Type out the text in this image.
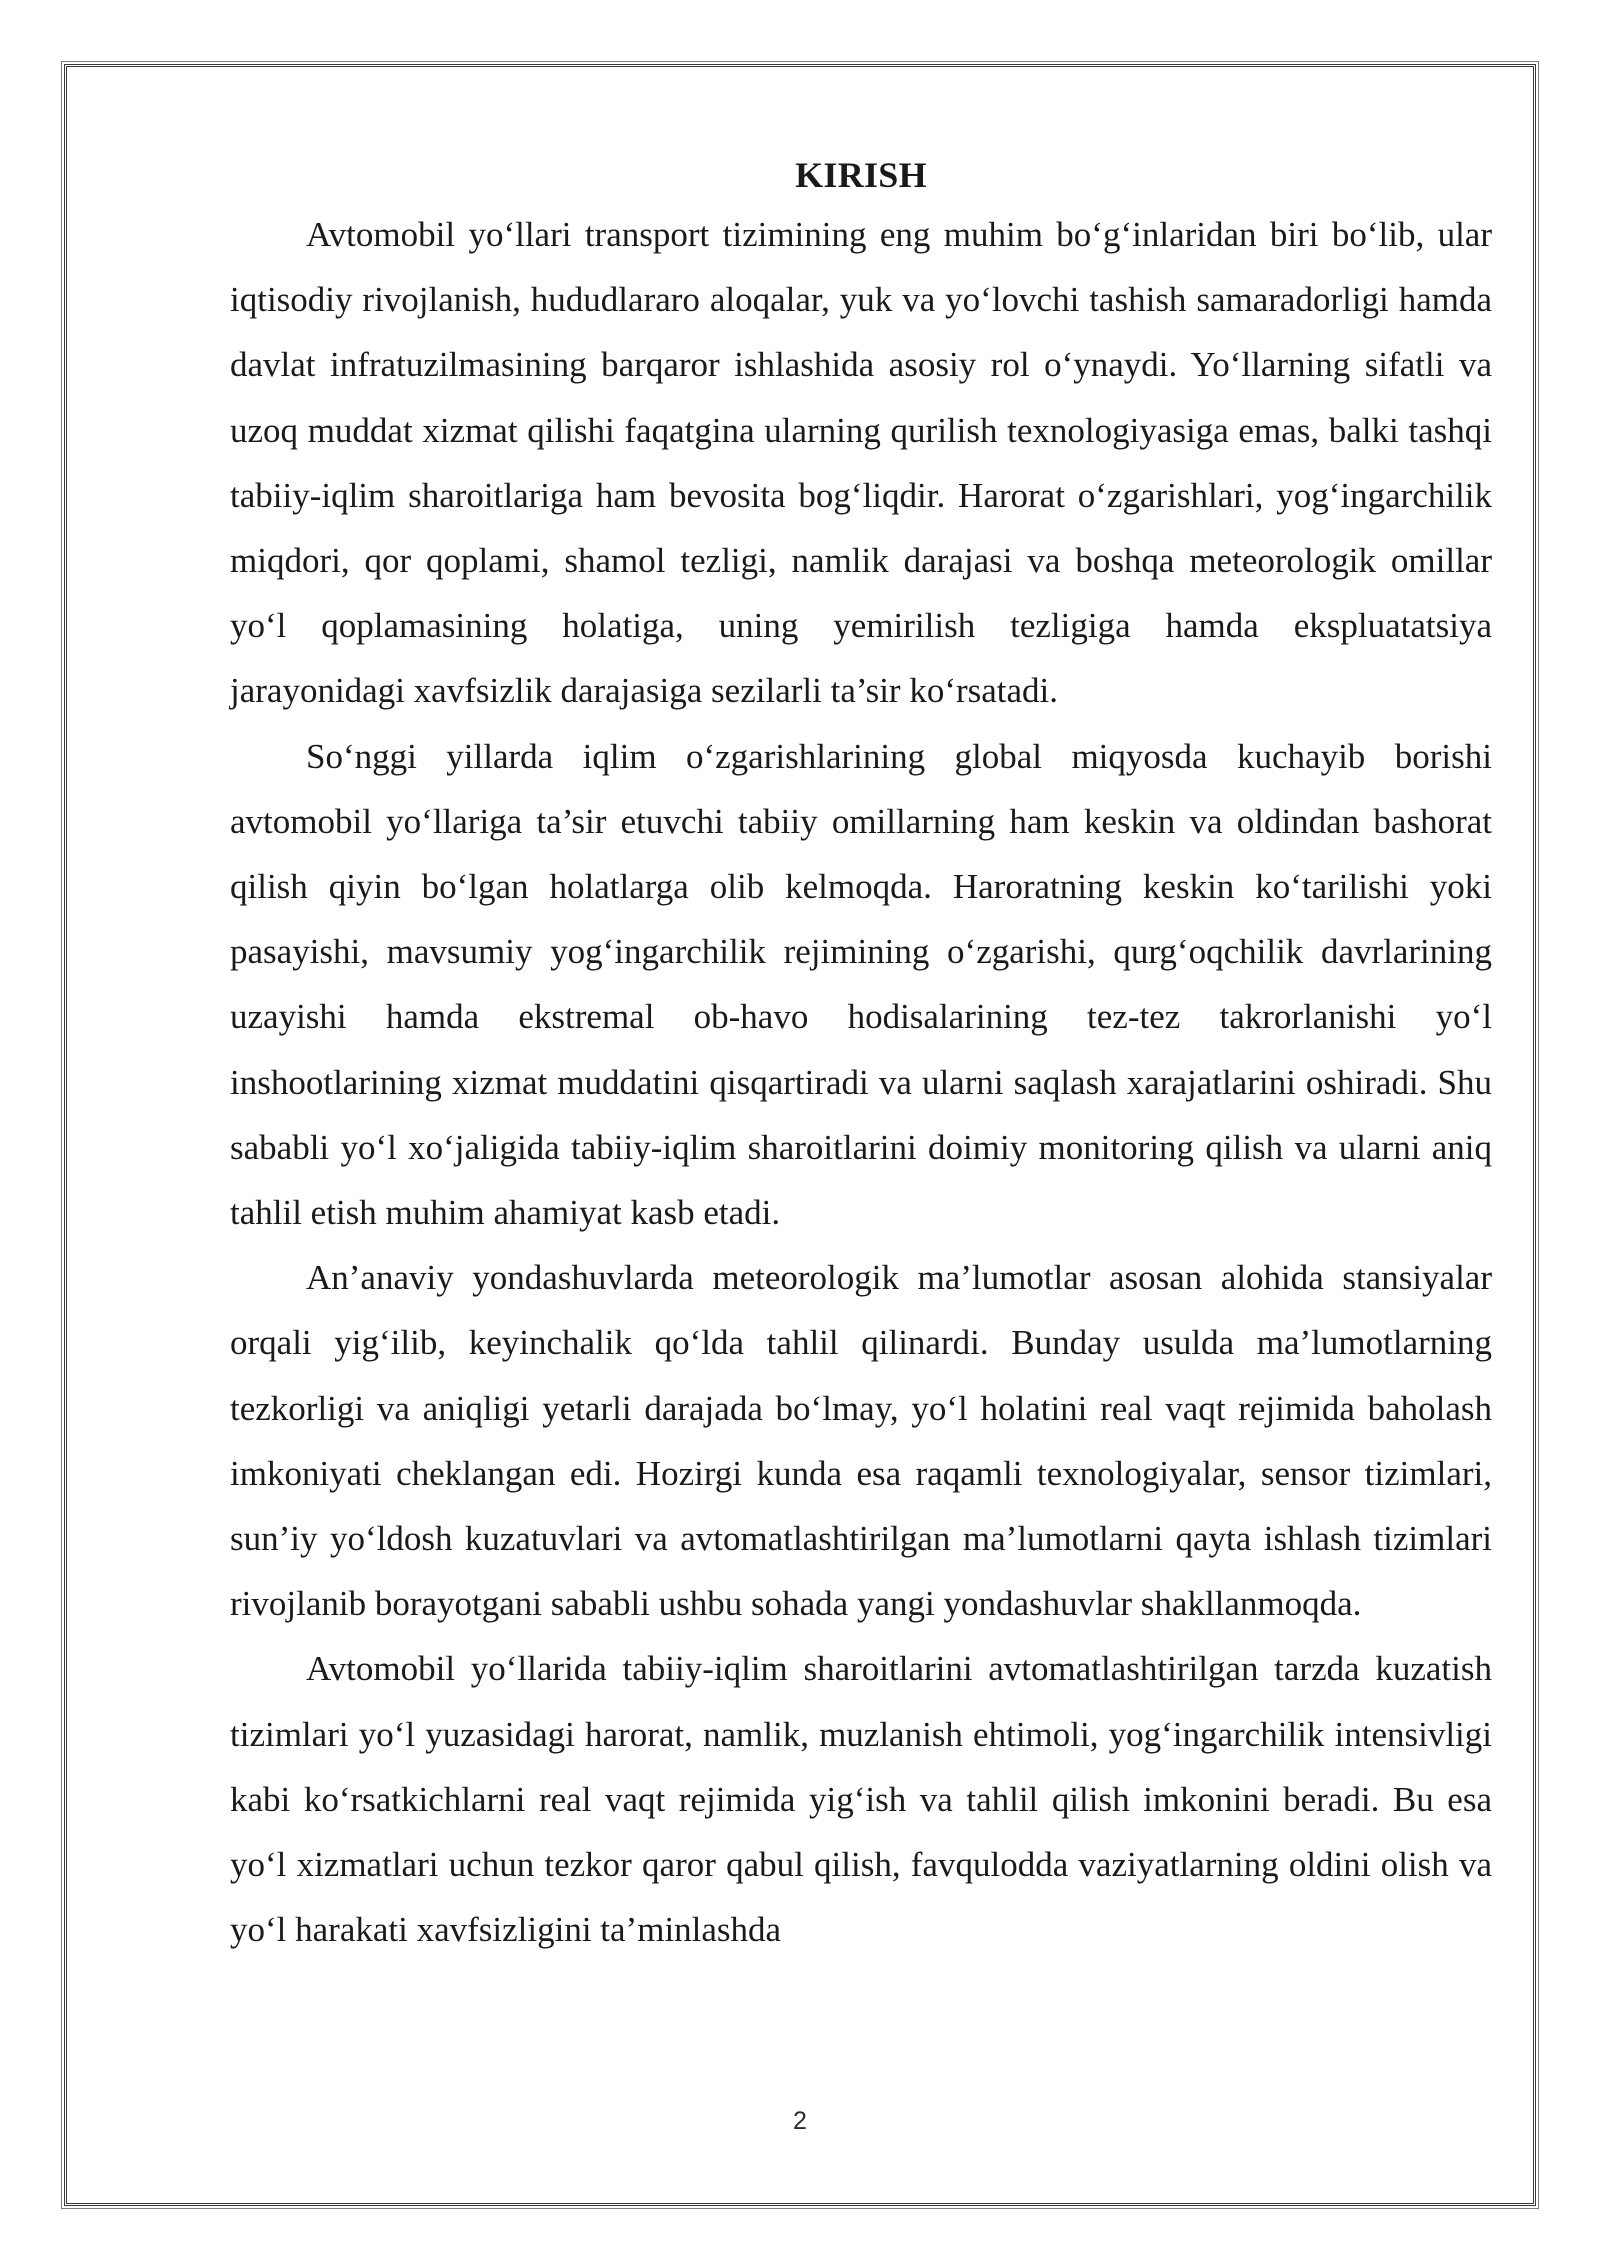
KIRISH

Avtomobil yo‘llari transport tizimining eng muhim bo‘g‘inlaridan biri bo‘lib, ular iqtisodiy rivojlanish, hududlararo aloqalar, yuk va yo‘lovchi tashish samaradorligi hamda davlat infratuzilmasining barqaror ishlashida asosiy rol o‘ynaydi. Yo‘llarning sifatli va uzoq muddat xizmat qilishi faqatgina ularning qurilish texnologiyasiga emas, balki tashqi tabiiy-iqlim sharoitlariga ham bevosita bog‘liqdir. Harorat o‘zgarishlari, yog‘ingarchilik miqdori, qor qoplami, shamol tezligi, namlik darajasi va boshqa meteorologik omillar yo‘l qoplamasining holatiga, uning yemirilish tezligiga hamda ekspluatatsiya jarayonidagi xavfsizlik darajasiga sezilarli ta’sir ko‘rsatadi.

So‘nggi yillarda iqlim o‘zgarishlarining global miqyosda kuchayib borishi avtomobil yo‘llariga ta’sir etuvchi tabiiy omillarning ham keskin va oldindan bashorat qilish qiyin bo‘lgan holatlarga olib kelmoqda. Haroratning keskin ko‘tarilishi yoki pasayishi, mavsumiy yog‘ingarchilik rejimining o‘zgarishi, qurg‘oqchilik davrlarining uzayishi hamda ekstremal ob-havo hodisalarining tez-tez takrorlanishi yo‘l inshootlarining xizmat muddatini qisqartiradi va ularni saqlash xarajatlarini oshiradi. Shu sababli yo‘l xo‘jaligida tabiiy-iqlim sharoitlarini doimiy monitoring qilish va ularni aniq tahlil etish muhim ahamiyat kasb etadi.

An’anaviy yondashuvlarda meteorologik ma’lumotlar asosan alohida stansiyalar orqali yig‘ilib, keyinchalik qo‘lda tahlil qilinardi. Bunday usulda ma’lumotlarning tezkorligi va aniqligi yetarli darajada bo‘lmay, yo‘l holatini real vaqt rejimida baholash imkoniyati cheklangan edi. Hozirgi kunda esa raqamli texnologiyalar, sensor tizimlari, sun’iy yo‘ldosh kuzatuvlari va avtomatlashtirilgan ma’lumotlarni qayta ishlash tizimlari rivojlanib borayotgani sababli ushbu sohada yangi yondashuvlar shakllanmoqda.

Avtomobil yo‘llarida tabiiy-iqlim sharoitlarini avtomatlashtirilgan tarzda kuzatish tizimlari yo‘l yuzasidagi harorat, namlik, muzlanish ehtimoli, yog‘ingarchilik intensivligi kabi ko‘rsatkichlarni real vaqt rejimida yig‘ish va tahlil qilish imkonini beradi. Bu esa yo‘l xizmatlari uchun tezkor qaror qabul qilish, favqulodda vaziyatlarning oldini olish va yo‘l harakati xavfsizligini ta’minlashda

2
